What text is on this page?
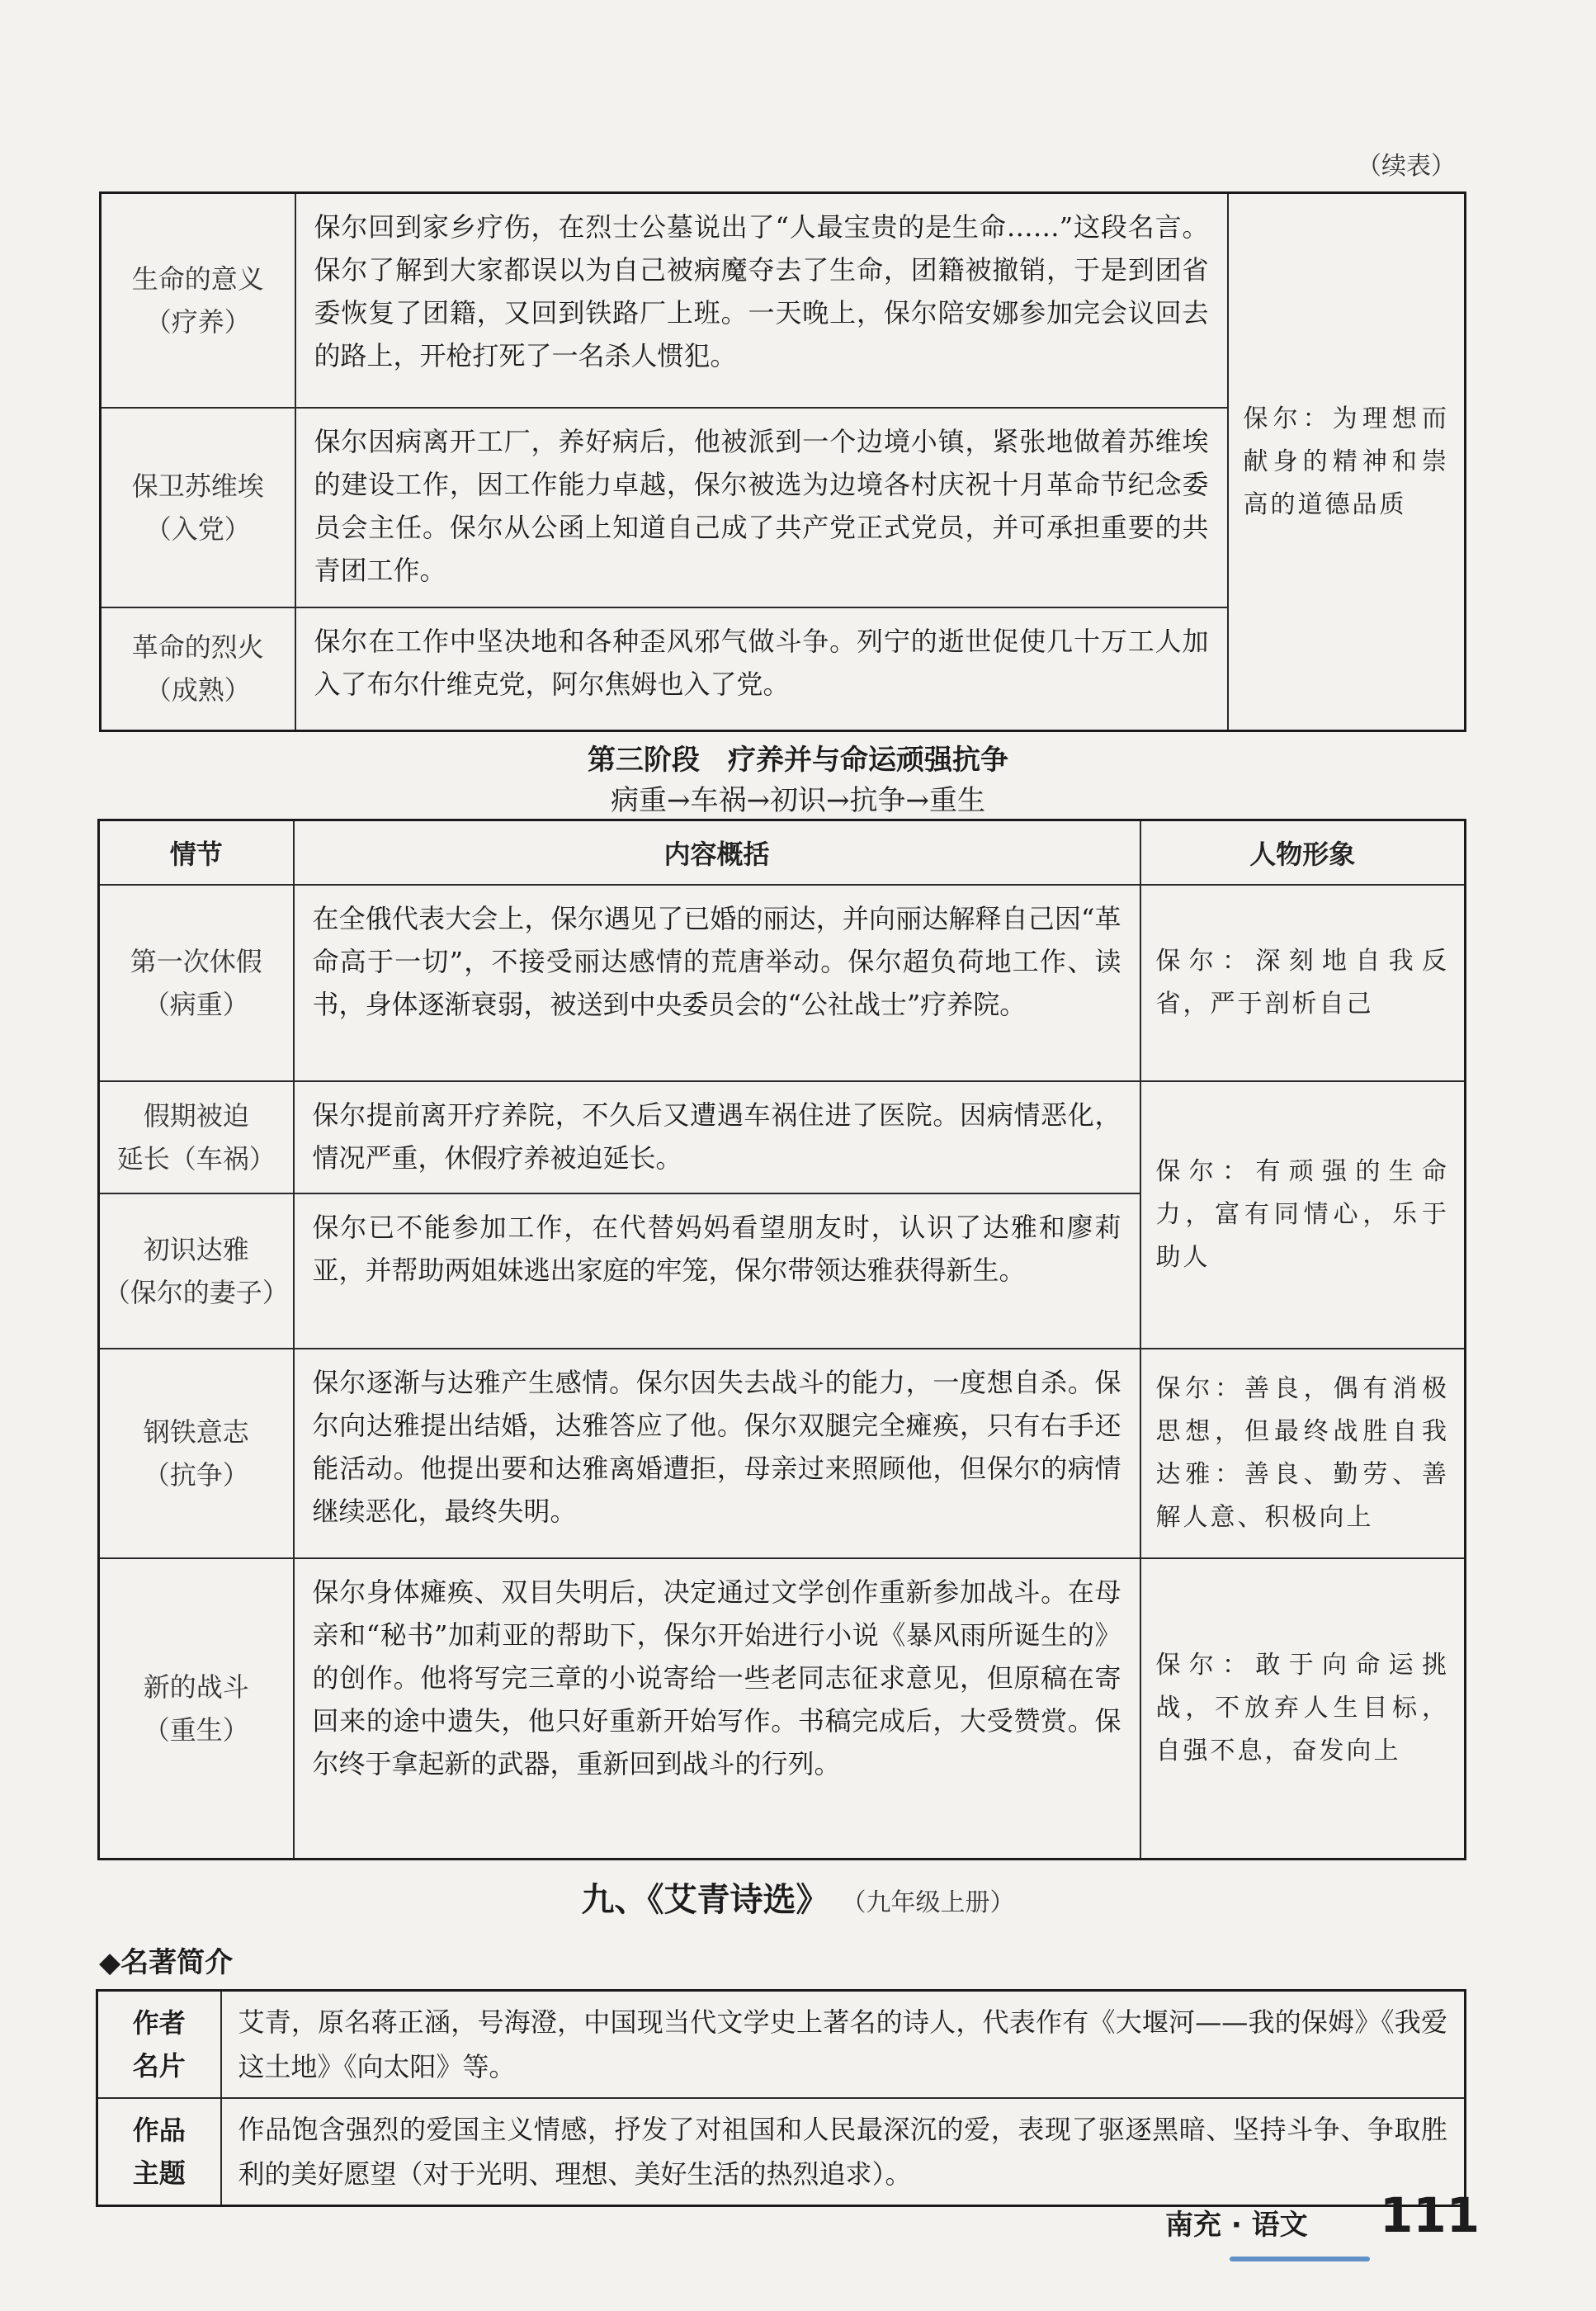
（续表）
生命的意义
（疗养）	保尔回到家乡疗伤，在烈士公墓说出了“人最宝贵的是生命……”这段名言。保尔了解到大家都误以为自己被病魔夺去了生命，团籍被撤销，于是到团省委恢复了团籍，又回到铁路厂上班。一天晚上，保尔陪安娜参加完会议回去的路上，开枪打死了一名杀人惯犯。	保尔：为理想而献身的精神和崇高的道德品质

保卫苏维埃
（入党）	保尔因病离开工厂，养好病后，他被派到一个边境小镇，紧张地做着苏维埃的建设工作，因工作能力卓越，保尔被选为边境各村庆祝十月革命节纪念委员会主任。保尔从公函上知道自己成了共产党正式党员，并可承担重要的共青团工作。	

革命的烈火
（成熟）	保尔在工作中坚决地和各种歪风邪气做斗争。列宁的逝世促使几十万工人加入了布尔什维克党，阿尔焦姆也入了党。	
第三阶段　疗养并与命运顽强抗争
病重→车祸→初识→抗争→重生
情节	内容概括	人物形象

第一次休假
（病重）	在全俄代表大会上，保尔遇见了已婚的丽达，并向丽达解释自己因“革命高于一切”，不接受丽达感情的荒唐举动。保尔超负荷地工作、读书，身体逐渐衰弱，被送到中央委员会的“公社战士”疗养院。	保尔：深刻地自我反省，严于剖析自己

假期被迫
延长（车祸）	保尔提前离开疗养院，不久后又遭遇车祸住进了医院。因病情恶化，情况严重，休假疗养被迫延长。	保尔：有顽强的生命力，富有同情心，乐于助人

初识达雅
（保尔的妻子）	保尔已不能参加工作，在代替妈妈看望朋友时，认识了达雅和廖莉亚，并帮助两姐妹逃出家庭的牢笼，保尔带领达雅获得新生。	

钢铁意志
（抗争）	保尔逐渐与达雅产生感情。保尔因失去战斗的能力，一度想自杀。保尔向达雅提出结婚，达雅答应了他。保尔双腿完全瘫痪，只有右手还能活动。他提出要和达雅离婚遭拒，母亲过来照顾他，但保尔的病情继续恶化，最终失明。	保尔：善良，偶有消极思想，但最终战胜自我达雅：善良、勤劳、善解人意、积极向上

新的战斗
（重生）	保尔身体瘫痪、双目失明后，决定通过文学创作重新参加战斗。在母亲和“秘书”加莉亚的帮助下，保尔开始进行小说《暴风雨所诞生的》的创作。他将写完三章的小说寄给一些老同志征求意见，但原稿在寄回来的途中遗失，他只好重新开始写作。书稿完成后，大受赞赏。保尔终于拿起新的武器，重新回到战斗的行列。	保尔：敢于向命运挑战，不放弃人生目标，自强不息，奋发向上
九、《艾青诗选》 （九年级上册）
◆名著简介
作者
名片	艾青，原名蒋正涵，号海澄，中国现当代文学史上著名的诗人，代表作有《大堰河——我的保姆》《我爱这土地》《向太阳》等。

作品
主题	作品饱含强烈的爱国主义情感，抒发了对祖国和人民最深沉的爱，表现了驱逐黑暗、坚持斗争、争取胜利的美好愿望（对于光明、理想、美好生活的热烈追求）。
南充 · 语文 111
